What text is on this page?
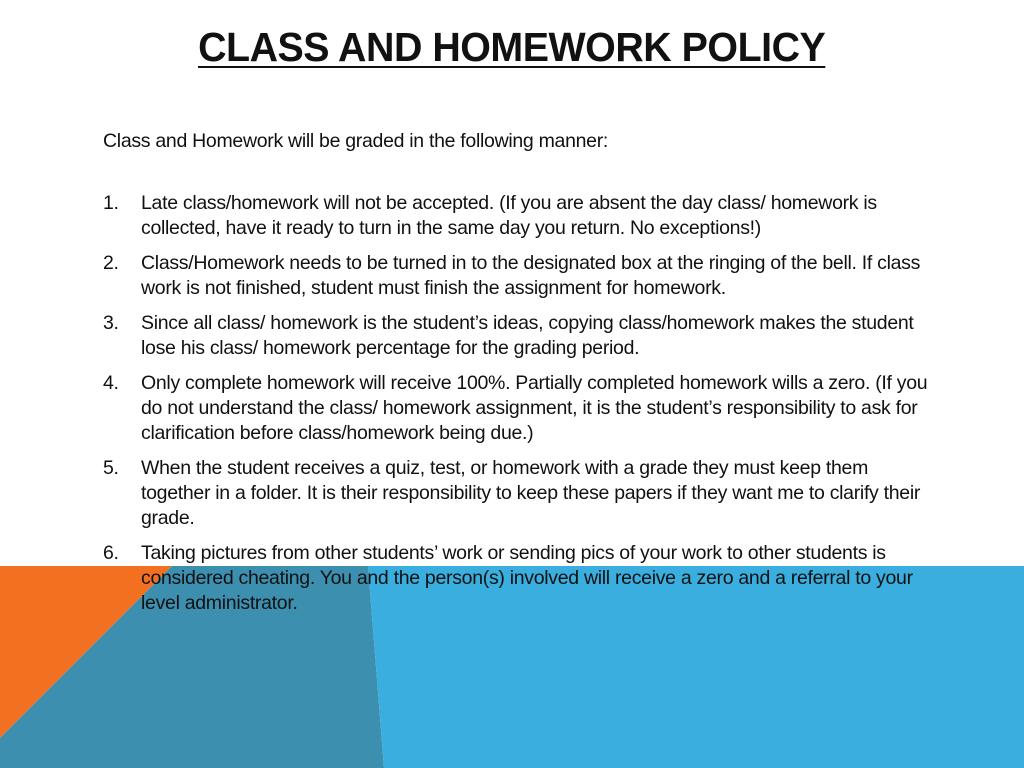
CLASS AND HOMEWORK POLICY

Class and Homework will be graded in the following manner:

1.	Late class/homework will not be accepted. (If you are absent the day class/ homework is collected, have it ready to turn in the same day you return. No exceptions!)
2.	Class/Homework needs to be turned in to the designated box at the ringing of the bell. If class work is not finished, student must finish the assignment for homework.
3.	Since all class/ homework is the student’s ideas, copying class/homework makes the student lose his class/ homework percentage for the grading period.
4.	Only complete homework will receive 100%. Partially completed homework wills a zero. (If you do not understand the class/ homework assignment, it is the student’s responsibility to ask for clarification before class/homework being due.)
5.	When the student receives a quiz, test, or homework with a grade they must keep them together in a folder. It is their responsibility to keep these papers if they want me to clarify their grade.
6.	Taking pictures from other students’ work or sending pics of your work to other students is considered cheating. You and the person(s) involved will receive a zero and a referral to your level administrator.
